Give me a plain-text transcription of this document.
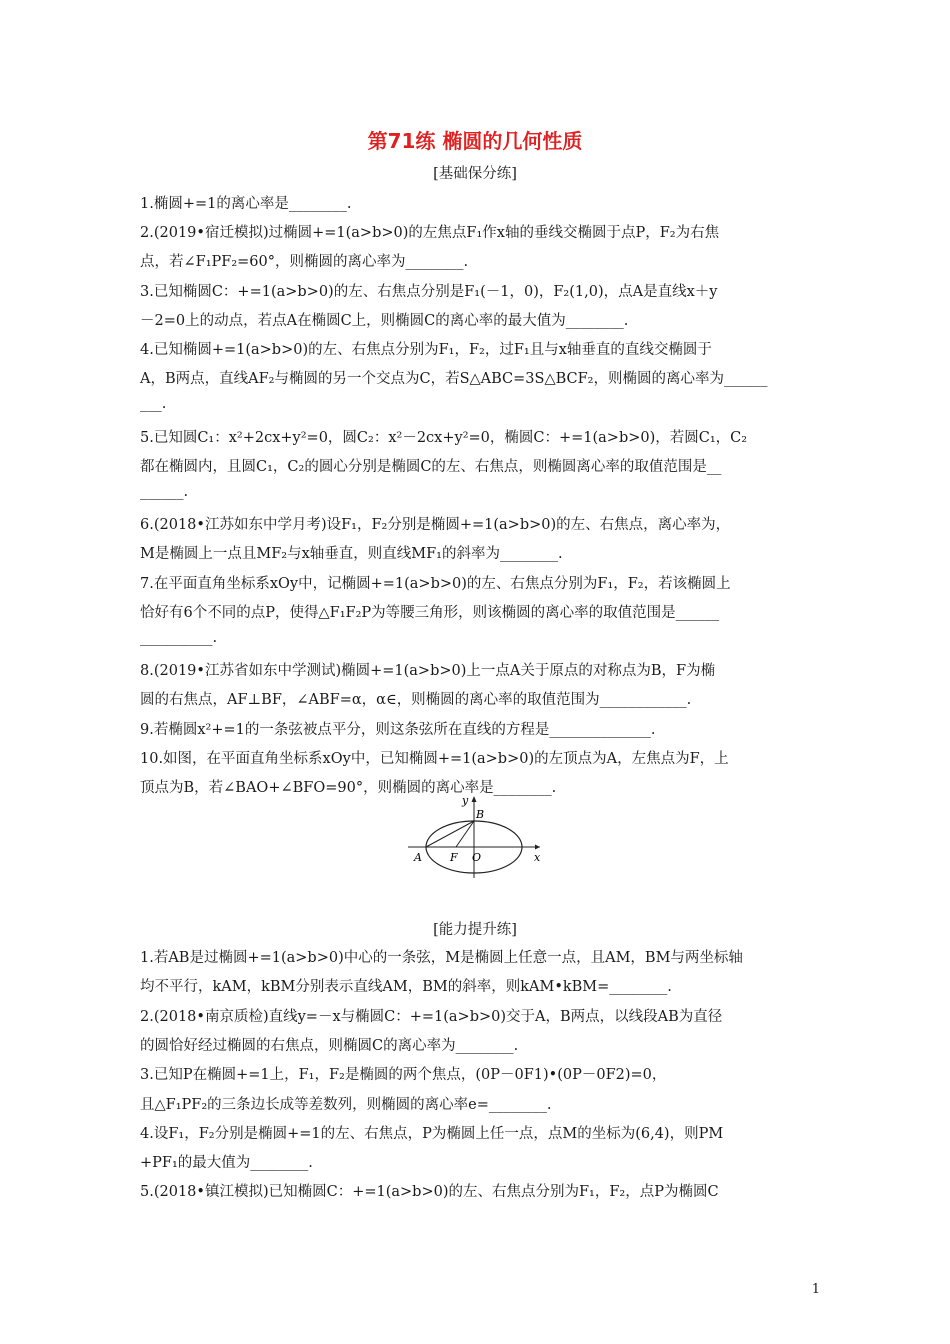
第71练 椭圆的几何性质
[基础保分练]
1.椭圆+=1的离心率是________.
2.(2019•宿迁模拟)过椭圆+=1(a>b>0)的左焦点F₁作x轴的垂线交椭圆于点P，F₂为右焦
点，若∠F₁PF₂=60°，则椭圆的离心率为________.
3.已知椭圆C：+=1(a>b>0)的左、右焦点分别是F₁(－1，0)，F₂(1,0)，点A是直线x＋y
－2=0上的动点，若点A在椭圆C上，则椭圆C的离心率的最大值为________.
4.已知椭圆+=1(a>b>0)的左、右焦点分别为F₁，F₂，过F₁且与x轴垂直的直线交椭圆于
A，B两点，直线AF₂与椭圆的另一个交点为C，若S△ABC=3S△BCF₂，则椭圆的离心率为______
___.
5.已知圆C₁：x²+2cx+y²=0，圆C₂：x²－2cx+y²=0，椭圆C：+=1(a>b>0)，若圆C₁，C₂
都在椭圆内，且圆C₁，C₂的圆心分别是椭圆C的左、右焦点，则椭圆离心率的取值范围是__
______.
6.(2018•江苏如东中学月考)设F₁，F₂分别是椭圆+=1(a>b>0)的左、右焦点，离心率为，
M是椭圆上一点且MF₂与x轴垂直，则直线MF₁的斜率为________.
7.在平面直角坐标系xOy中，记椭圆+=1(a>b>0)的左、右焦点分别为F₁，F₂，若该椭圆上
恰好有6个不同的点P，使得△F₁F₂P为等腰三角形，则该椭圆的离心率的取值范围是______
__________.
8.(2019•江苏省如东中学测试)椭圆+=1(a>b>0)上一点A关于原点的对称点为B，F为椭
圆的右焦点，AF⊥BF，∠ABF=α，α∈，则椭圆的离心率的取值范围为____________.
9.若椭圆x²+=1的一条弦被点平分，则这条弦所在直线的方程是______________.
10.如图，在平面直角坐标系xOy中，已知椭圆+=1(a>b>0)的左顶点为A，左焦点为F，上
顶点为B，若∠BAO+∠BFO=90°，则椭圆的离心率是________.
y
B
A	F O	x
[能力提升练]
1.若AB是过椭圆+=1(a>b>0)中心的一条弦，M是椭圆上任意一点，且AM，BM与两坐标轴
均不平行，kAM，kBM分别表示直线AM，BM的斜率，则kAM•kBM=________.
2.(2018•南京质检)直线y=－x与椭圆C：+=1(a>b>0)交于A，B两点，以线段AB为直径
的圆恰好经过椭圆的右焦点，则椭圆C的离心率为________.
3.已知P在椭圆+=1上，F₁，F₂是椭圆的两个焦点，(0P－0F1)•(0P－0F2)=0，
且△F₁PF₂的三条边长成等差数列，则椭圆的离心率e=________.
4.设F₁，F₂分别是椭圆+=1的左、右焦点，P为椭圆上任一点，点M的坐标为(6,4)，则PM
+PF₁的最大值为________.
5.(2018•镇江模拟)已知椭圆C：+=1(a>b>0)的左、右焦点分别为F₁，F₂，点P为椭圆C
1
